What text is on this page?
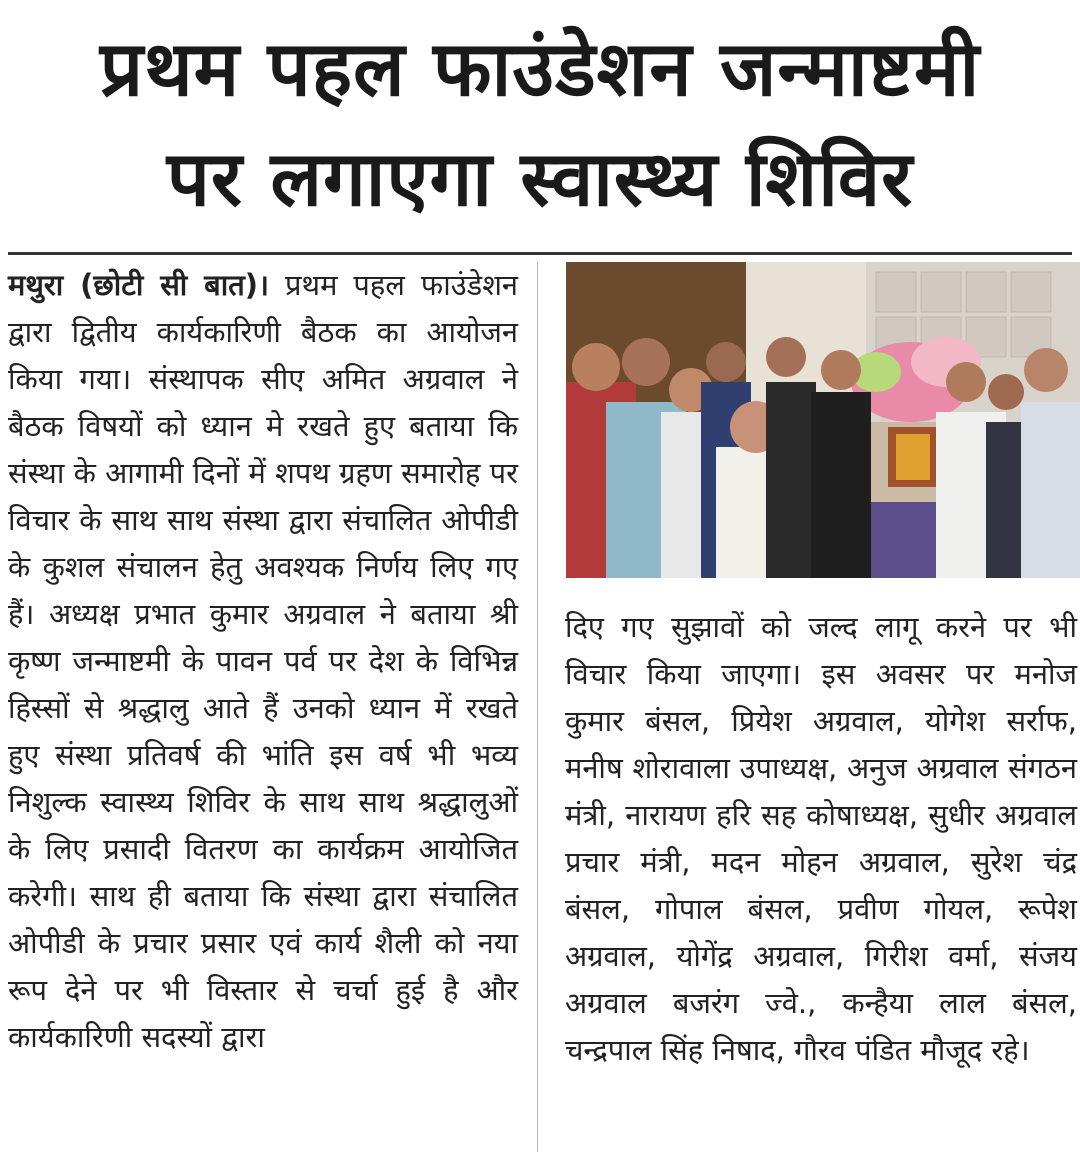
प्रथम पहल फाउंडेशन जन्माष्टमी
पर लगाएगा स्वास्थ्य शिविर
मथुरा (छोटी सी बात)। प्रथम पहल फाउंडेशन द्वारा द्वितीय कार्यकारिणी बैठक का आयोजन किया गया। संस्थापक सीए अमित अग्रवाल ने बैठक विषयों को ध्यान मे रखते हुए बताया कि संस्था के आगामी दिनों में शपथ ग्रहण समारोह पर विचार के साथ साथ संस्था द्वारा संचालित ओपीडी के कुशल संचालन हेतु अवश्यक निर्णय लिए गए हैं। अध्यक्ष प्रभात कुमार अग्रवाल ने बताया श्री कृष्ण जन्माष्टमी के पावन पर्व पर देश के विभिन्न हिस्सों से श्रद्धालु आते हैं उनको ध्यान में रखते हुए संस्था प्रतिवर्ष की भांति इस वर्ष भी भव्य निशुल्क स्वास्थ्य शिविर के साथ साथ श्रद्धालुओं के लिए प्रसादी वितरण का कार्यक्रम आयोजित करेगी। साथ ही बताया कि संस्था द्वारा संचालित ओपीडी के प्रचार प्रसार एवं कार्य शैली को नया रूप देने पर भी विस्तार से चर्चा हुई है और कार्यकारिणी सदस्यों द्वारा
दिए गए सुझावों को जल्द लागू करने पर भी विचार किया जाएगा। इस अवसर पर मनोज कुमार बंसल, प्रियेश अग्रवाल, योगेश सर्राफ, मनीष शोरावाला उपाध्यक्ष, अनुज अग्रवाल संगठन मंत्री, नारायण हरि सह कोषाध्यक्ष, सुधीर अग्रवाल प्रचार मंत्री, मदन मोहन अग्रवाल, सुरेश चंद्र बंसल, गोपाल बंसल, प्रवीण गोयल, रूपेश अग्रवाल, योगेंद्र अग्रवाल, गिरीश वर्मा, संजय अग्रवाल बजरंग ज्वे., कन्हैया लाल बंसल, चन्द्रपाल सिंह निषाद, गौरव पंडित मौजूद रहे।
